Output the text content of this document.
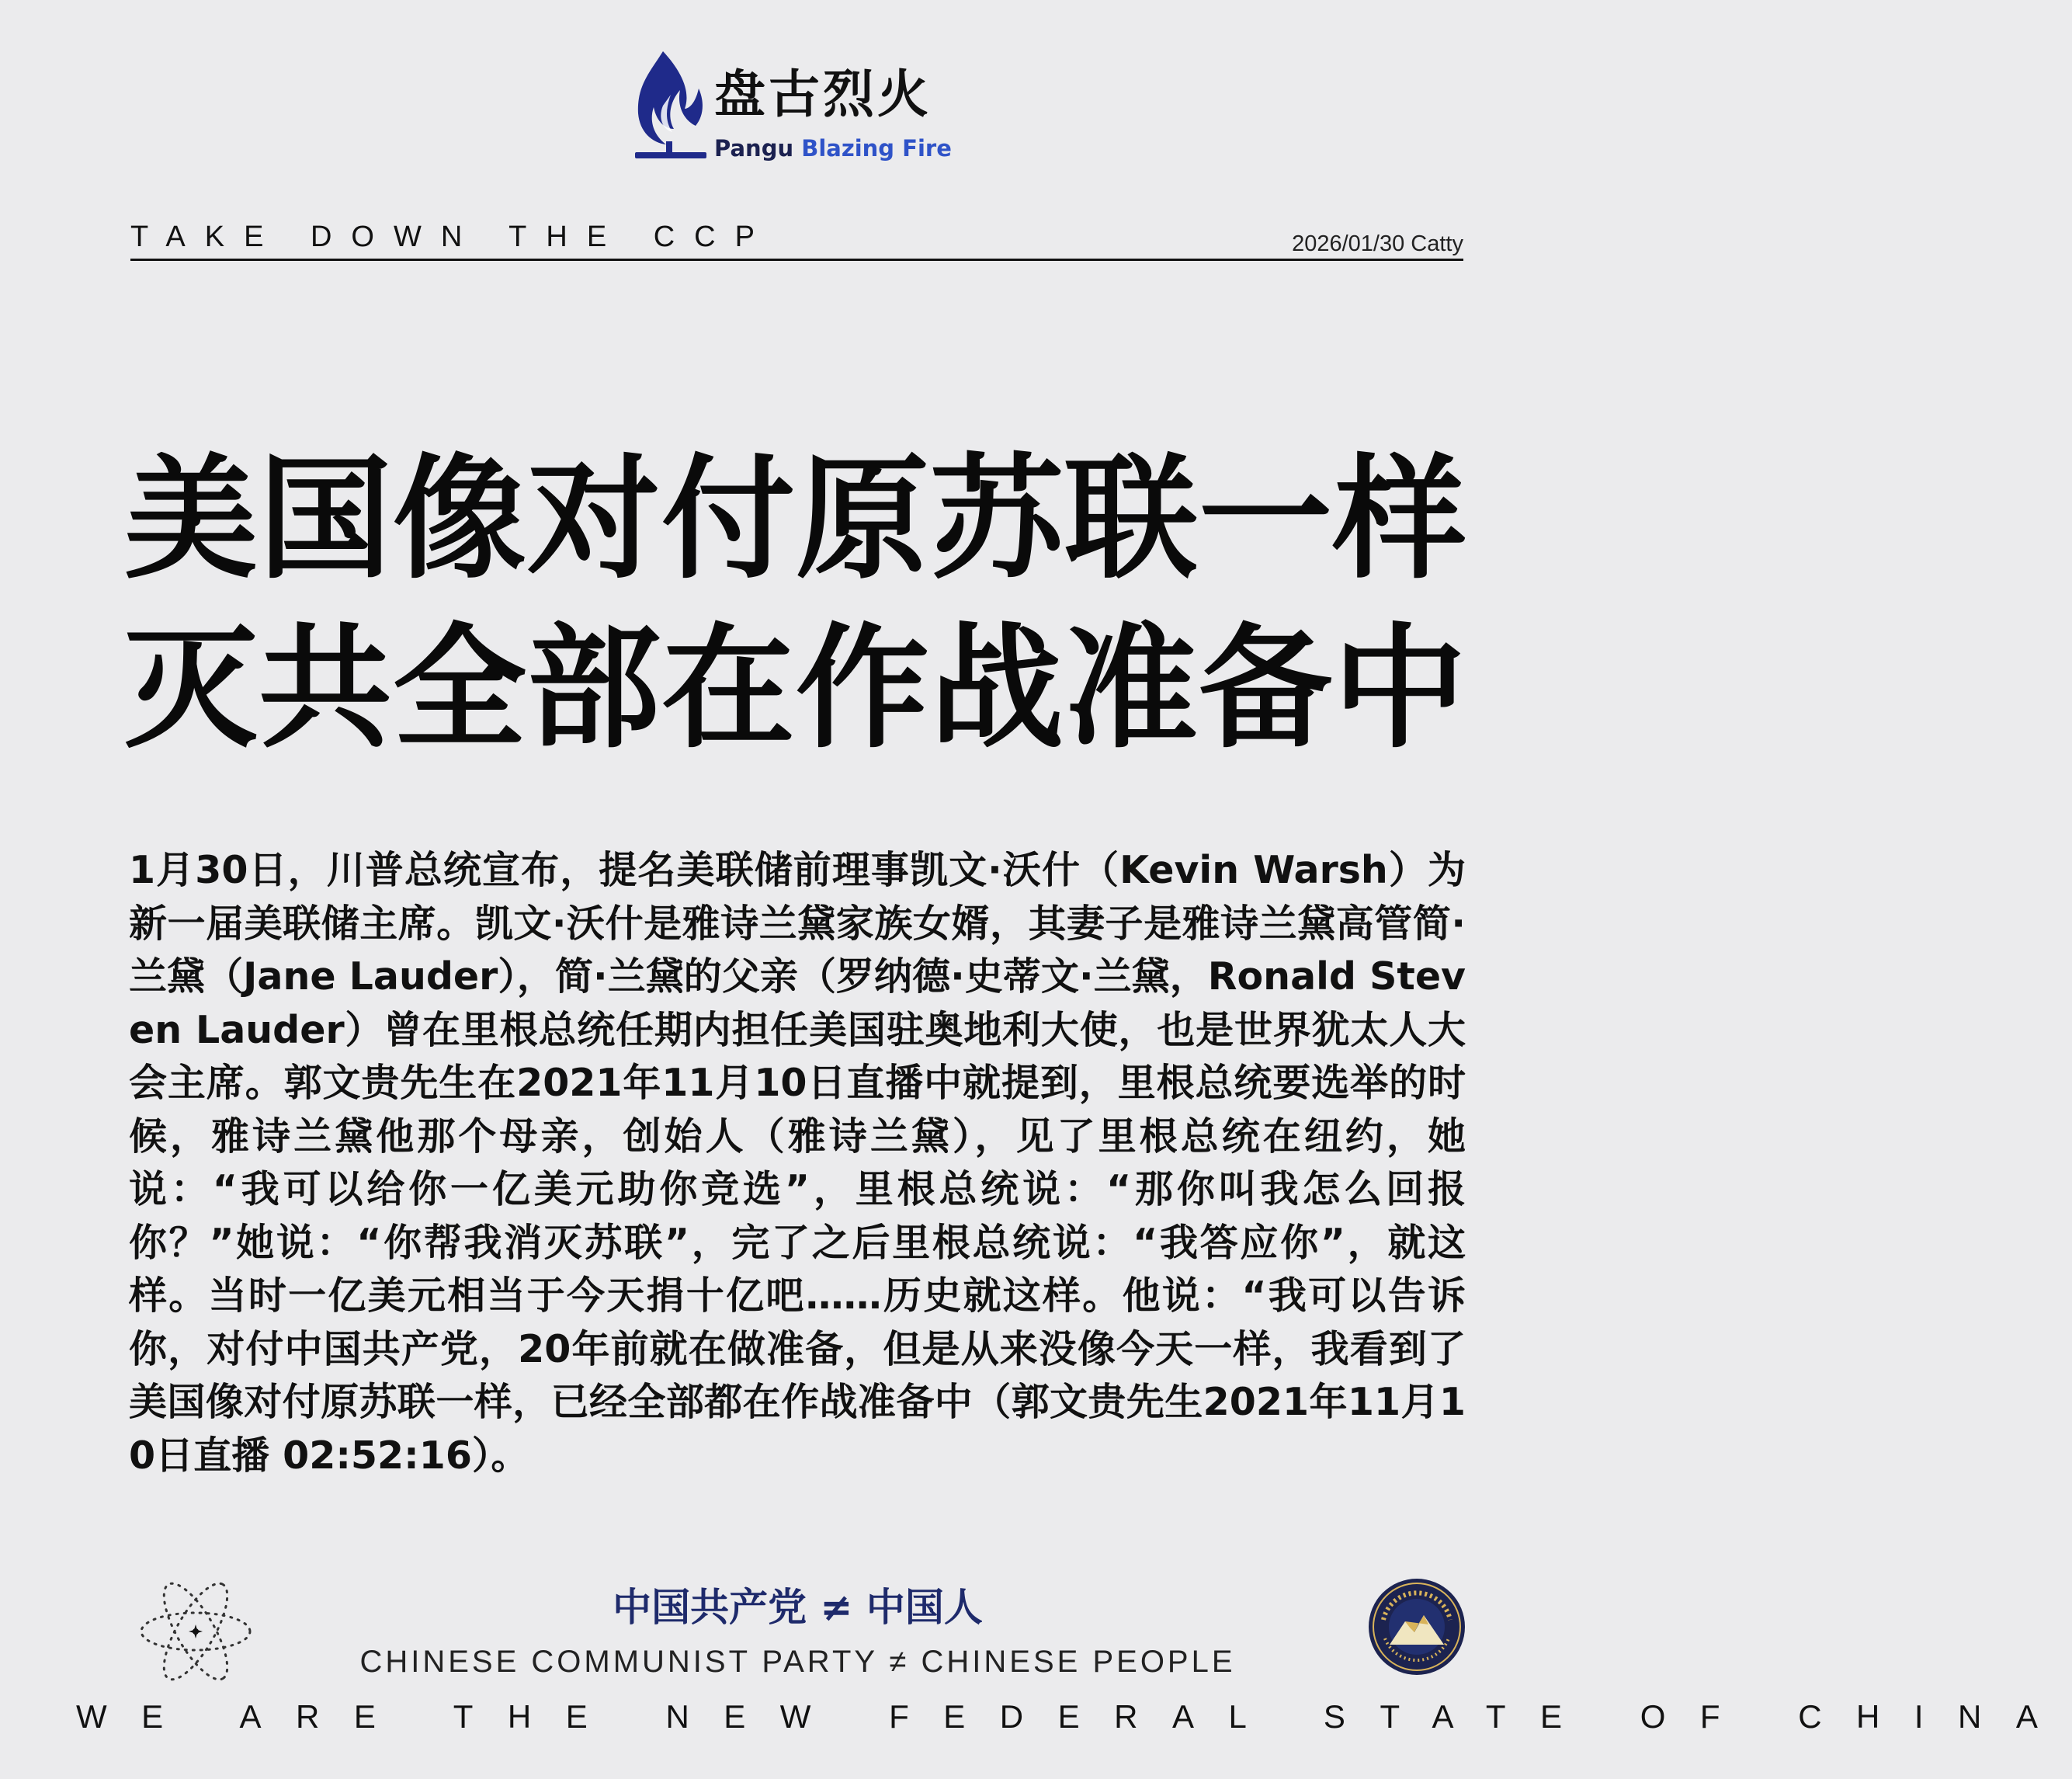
盘古烈火
Pangu Blazing Fire
TAKE DOWN THE CCP	2026/01/30 Catty
美国像对付原苏联一样
灭共全部在作战准备中
1月30日，川普总统宣布，提名美联储前理事凯文·沃什（Kevin Warsh）为新一届美联储主席。凯文·沃什是雅诗兰黛家族女婿，其妻子是雅诗兰黛高管简·兰黛（Jane Lauder），简·兰黛的父亲（罗纳德·史蒂文·兰黛，Ronald Steven Lauder）曾在里根总统任期内担任美国驻奥地利大使，也是世界犹太人大会主席。郭文贵先生在2021年11月10日直播中就提到，里根总统要选举的时候，雅诗兰黛他那个母亲，创始人（雅诗兰黛），见了里根总统在纽约，她说：“我可以给你一亿美元助你竞选”，里根总统说：“那你叫我怎么回报你？”她说：“你帮我消灭苏联”，完了之后里根总统说：“我答应你”，就这样。当时一亿美元相当于今天捐十亿吧……历史就这样。他说：“我可以告诉你，对付中国共产党，20年前就在做准备，但是从来没像今天一样，我看到了美国像对付原苏联一样，已经全部都在作战准备中（郭文贵先生2021年11月10日直播 02:52:16）。
中国共产党 ≠ 中国人
CHINESE COMMUNIST PARTY ≠ CHINESE PEOPLE
WE ARE THE NEW FEDERAL STATE OF CHINA
